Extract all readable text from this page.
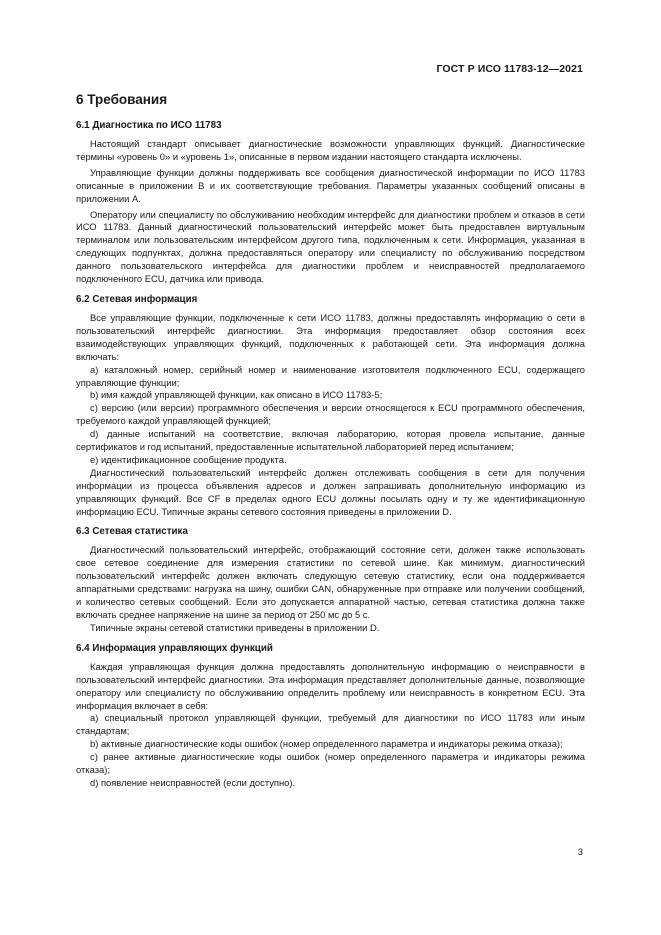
ГОСТ Р ИСО 11783-12—2021
6 Требования
6.1 Диагностика по ИСО 11783

Настоящий стандарт описывает диагностические возможности управляющих функций. Диагностические термины «уровень 0» и «уровень 1», описанные в первом издании настоящего стандарта исключены.

Управляющие функции должны поддерживать все сообщения диагностической информации по ИСО 11783 описанные в приложении B и их соответствующие требования. Параметры указанных сообщений описаны в приложении А.

Оператору или специалисту по обслуживанию необходим интерфейс для диагностики проблем и отказов в сети ИСО 11783. Данный диагностический пользовательский интерфейс может быть предоставлен виртуальным терминалом или пользовательским интерфейсом другого типа, подключенным к сети. Информация, указанная в следующих подпунктах, должна предоставляться оператору или специалисту по обслуживанию посредством данного пользовательского интерфейса для диагностики проблем и неисправностей предполагаемого подключенного ECU, датчика или привода.

6.2 Сетевая информация

Все управляющие функции, подключенные к сети ИСО 11783, должны предоставлять информацию о сети в пользовательский интерфейс диагностики. Эта информация предоставляет обзор состояния всех взаимодействующих управляющих функций, подключенных к работающей сети. Эта информация должна включать:

a) каталожный номер, серийный номер и наименование изготовителя подключенного ECU, содержащего управляющие функции;

b) имя каждой управляющей функции, как описано в ИСО 11783-5;

c) версию (или версии) программного обеспечения и версии относящегося к ECU программного обеспечения, требуемого каждой управляющей функцией;

d) данные испытаний на соответствие, включая лабораторию, которая провела испытание, данные сертификатов и год испытаний, предоставленные испытательной лабораторией перед испытанием;

e) идентификационное сообщение продукта.

Диагностический пользовательский интерфейс должен отслеживать сообщения в сети для получения информации из процесса объявления адресов и должен запрашивать дополнительную информацию из управляющих функций. Все CF в пределах одного ECU должны посылать одну и ту же идентификационную информацию ECU. Типичные экраны сетевого состояния приведены в приложении D.

6.3 Сетевая статистика

Диагностический пользовательский интерфейс, отображающий состояние сети, должен также использовать свое сетевое соединение для измерения статистики по сетевой шине. Как минимум, диагностический пользовательский интерфейс должен включать следующую сетевую статистику, если она поддерживается аппаратными средствами: нагрузка на шину, ошибки CAN, обнаруженные при отправке или получении сообщений, и количество сетевых сообщений. Если это допускается аппаратной частью, сетевая статистика должна также включать среднее напряжение на шине за период от 250 мс до 5 с.

Типичные экраны сетевой статистики приведены в приложении D.

6.4 Информация управляющих функций

Каждая управляющая функция должна предоставлять дополнительную информацию о неисправности в пользовательский интерфейс диагностики. Эта информация представляет дополнительные данные, позволяющие оператору или специалисту по обслуживанию определить проблему или неисправность в конкретном ECU. Эта информация включает в себя:

a) специальный протокол управляющей функции, требуемый для диагностики по ИСО 11783 или иным стандартам;

b) активные диагностические коды ошибок (номер определенного параметра и индикаторы режима отказа);

c) ранее активные диагностические коды ошибок (номер определенного параметра и индикаторы режима отказа);

d) появление неисправностей (если доступно).

3
